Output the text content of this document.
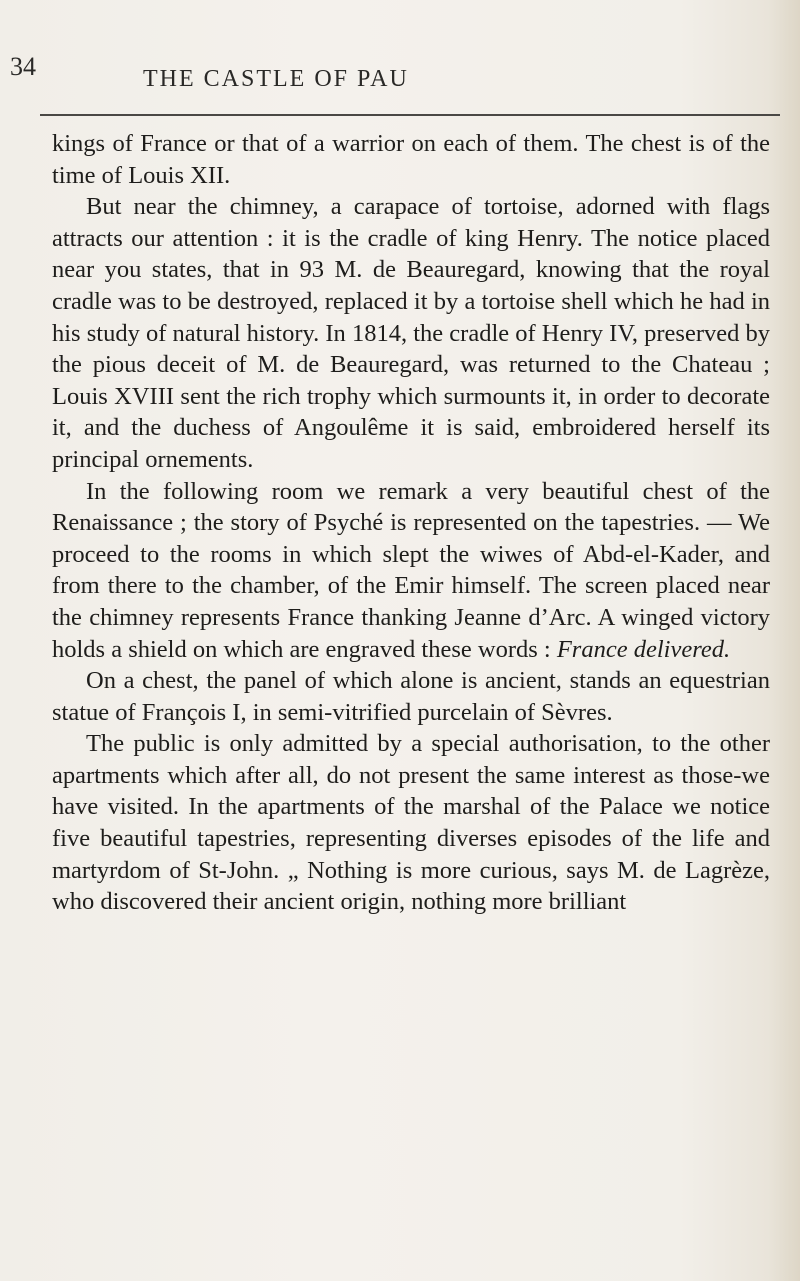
34	THE CASTLE OF PAU

kings of France or that of a warrior on each of them. The chest is of the time of Louis XII.

But near the chimney, a carapace of tortoise, adorned with flags attracts our attention : it is the cradle of king Henry. The notice placed near you states, that in 93 M. de Beauregard, knowing that the royal cradle was to be destroyed, replaced it by a tortoise shell which he had in his study of natural history. In 1814, the cradle of Henry IV, preserved by the pious deceit of M. de Beauregard, was returned to the Chateau ; Louis XVIII sent the rich trophy which surmounts it, in order to decorate it, and the duchess of Angoulême it is said, embroidered herself its principal ornements.

In the following room we remark a very beautiful chest of the Renaissance ; the story of Psyché is represented on the tapestries. — We proceed to the rooms in which slept the wiwes of Abd-el-Kader, and from there to the chamber, of the Emir himself. The screen placed near the chimney represents France thanking Jeanne d’Arc. A winged victory holds a shield on which are engraved these words : France delivered.

On a chest, the panel of which alone is ancient, stands an equestrian statue of François I, in semi-vitrified purcelain of Sèvres.

The public is only admitted by a special authorisation, to the other apartments which after all, do not present the same interest as those-we have visited. In the apartments of the marshal of the Palace we notice five beautiful tapestries, representing diverses episodes of the life and martyrdom of St-John. „ Nothing is more curious, says M. de Lagrèze, who discovered their ancient origin, nothing more brilliant
